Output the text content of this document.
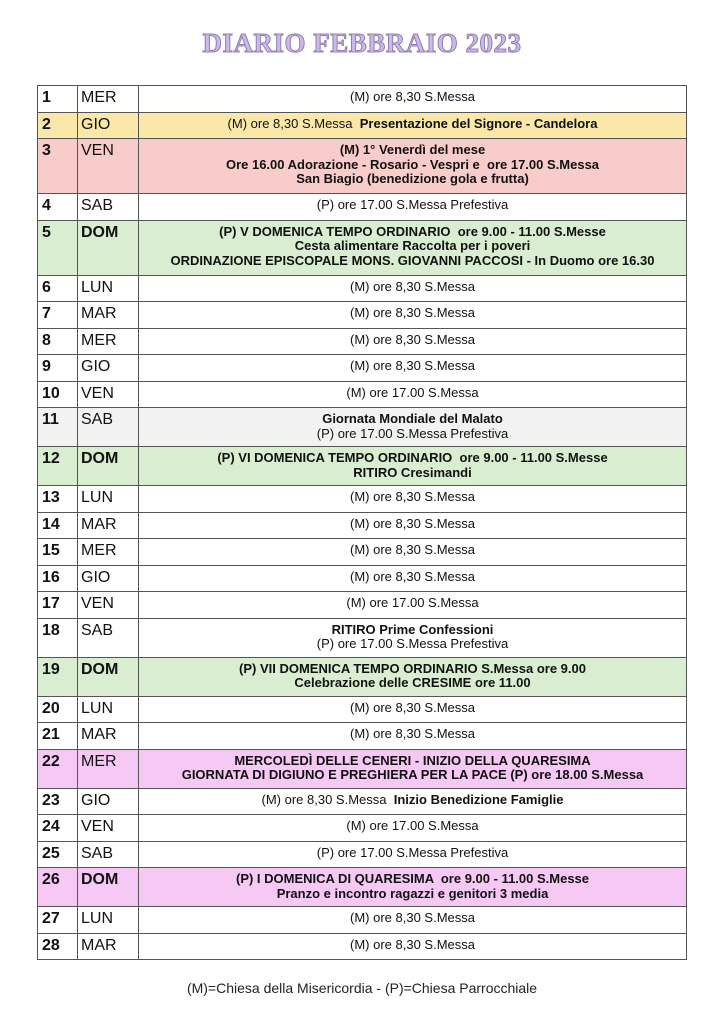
DIARIO FEBBRAIO 2023
1	MER	(M) ore 8,30 S.Messa

2	GIO	(M) ore 8,30 S.Messa  Presentazione del Signore - Candelora

3	VEN	(M) 1° Venerdì del mese
Ore 16.00 Adorazione - Rosario - Vespri e  ore 17.00 S.Messa
San Biagio (benedizione gola e frutta)

4	SAB	(P) ore 17.00 S.Messa Prefestiva

5	DOM	(P) V DOMENICA TEMPO ORDINARIO  ore 9.00 - 11.00 S.Messe
Cesta alimentare Raccolta per i poveri
ORDINAZIONE EPISCOPALE MONS. GIOVANNI PACCOSI - In Duomo ore 16.30

6	LUN	(M) ore 8,30 S.Messa

7	MAR	(M) ore 8,30 S.Messa

8	MER	(M) ore 8,30 S.Messa

9	GIO	(M) ore 8,30 S.Messa

10	VEN	(M) ore 17.00 S.Messa

11	SAB	Giornata Mondiale del Malato
(P) ore 17.00 S.Messa Prefestiva

12	DOM	(P) VI DOMENICA TEMPO ORDINARIO  ore 9.00 - 11.00 S.Messe
RITIRO Cresimandi

13	LUN	(M) ore 8,30 S.Messa

14	MAR	(M) ore 8,30 S.Messa

15	MER	(M) ore 8,30 S.Messa

16	GIO	(M) ore 8,30 S.Messa

17	VEN	(M) ore 17.00 S.Messa

18	SAB	RITIRO Prime Confessioni
(P) ore 17.00 S.Messa Prefestiva

19	DOM	(P) VII DOMENICA TEMPO ORDINARIO S.Messa ore 9.00
Celebrazione delle CRESIME ore 11.00

20	LUN	(M) ore 8,30 S.Messa

21	MAR	(M) ore 8,30 S.Messa

22	MER	MERCOLEDÌ DELLE CENERI - INIZIO DELLA QUARESIMA
GIORNATA DI DIGIUNO E PREGHIERA PER LA PACE (P) ore 18.00 S.Messa

23	GIO	(M) ore 8,30 S.Messa  Inizio Benedizione Famiglie

24	VEN	(M) ore 17.00 S.Messa

25	SAB	(P) ore 17.00 S.Messa Prefestiva

26	DOM	(P) I DOMENICA DI QUARESIMA  ore 9.00 - 11.00 S.Messe
Pranzo e incontro ragazzi e genitori 3 media

27	LUN	(M) ore 8,30 S.Messa

28	MAR	(M) ore 8,30 S.Messa
(M)=Chiesa della Misericordia - (P)=Chiesa Parrocchiale
